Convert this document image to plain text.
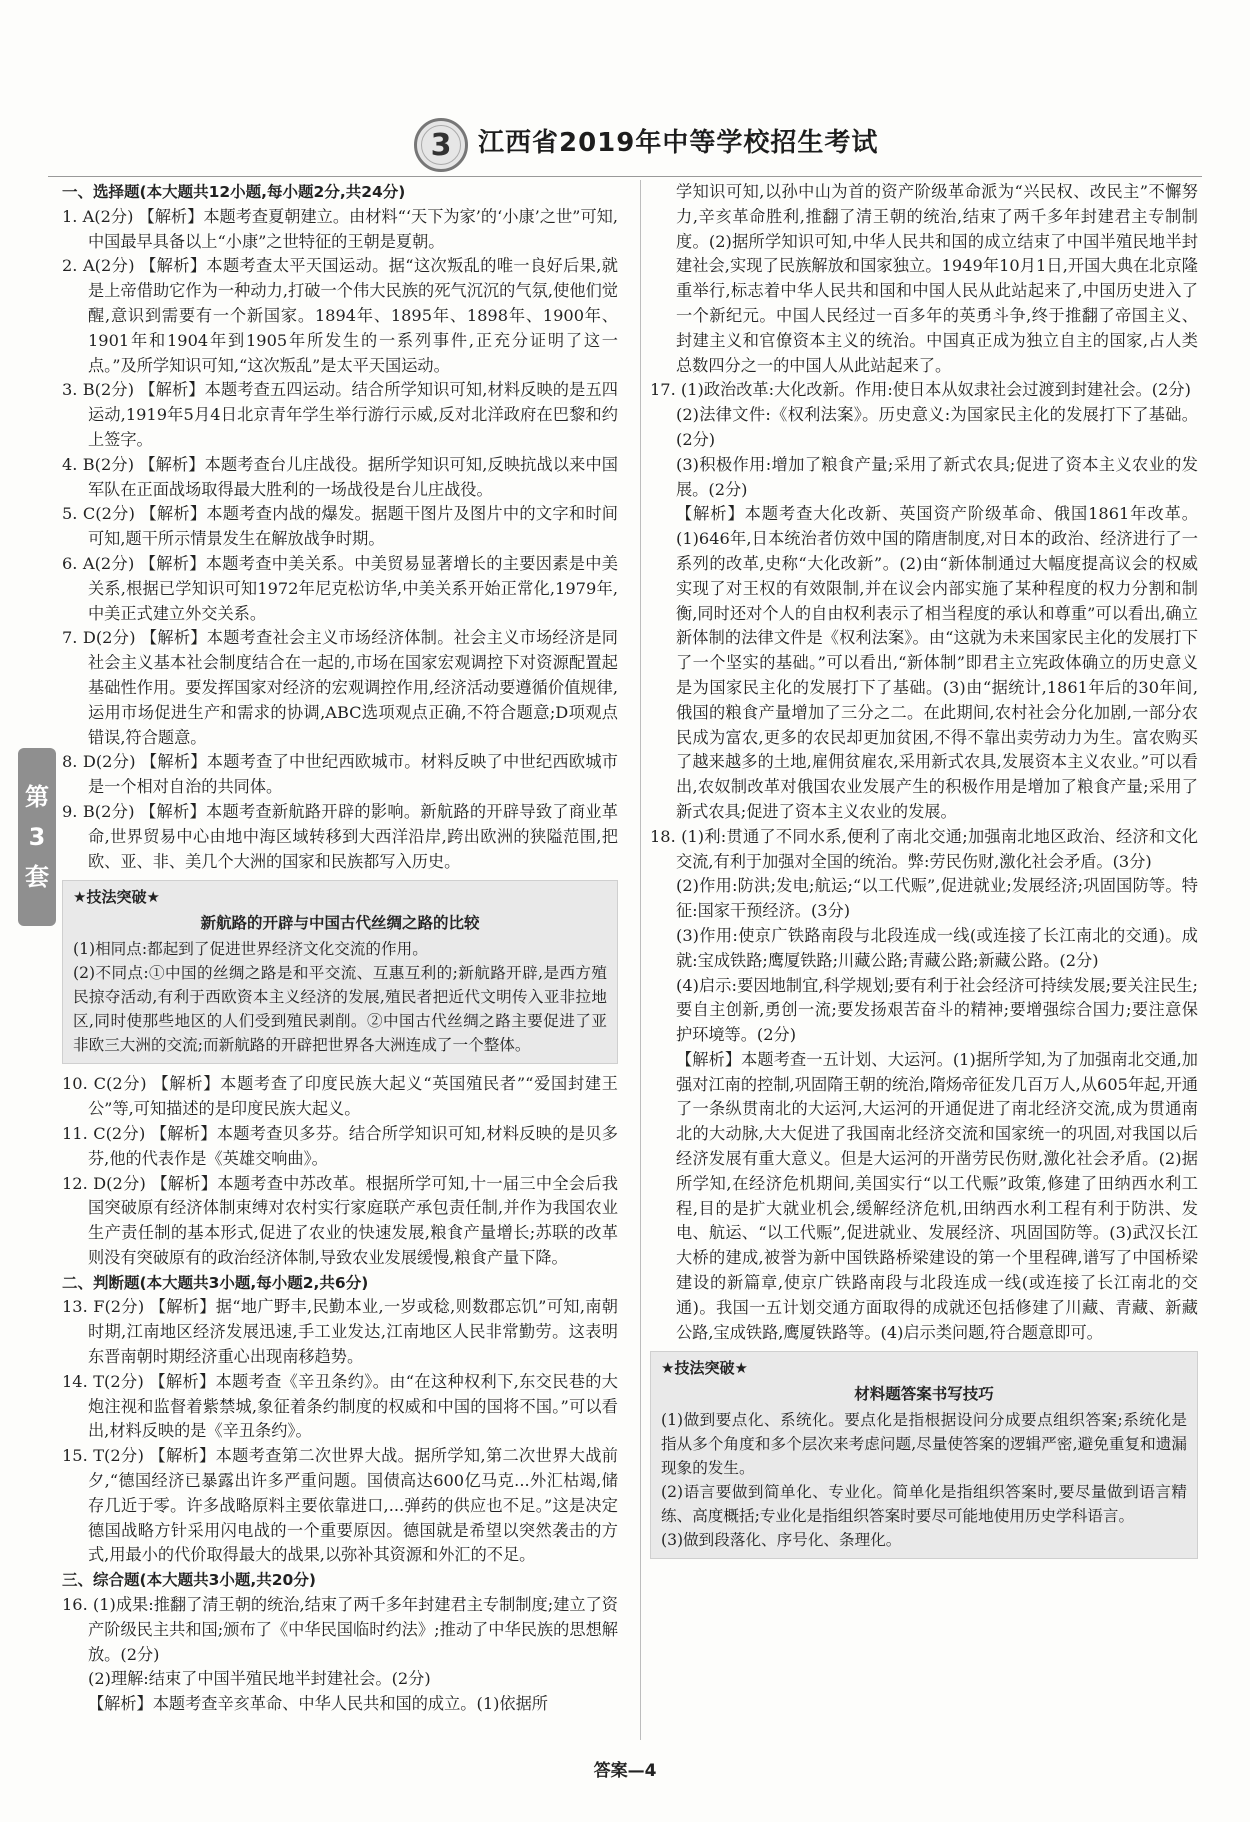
3	江西省2019年中等学校招生考试

一、选择题(本大题共12小题,每小题2分,共24分)

1. A(2分) 【解析】本题考查夏朝建立。由材料“‘天下为家’的‘小康’之世”可知,中国最早具备以上“小康”之世特征的王朝是夏朝。

2. A(2分) 【解析】本题考查太平天国运动。据“这次叛乱的唯一良好后果,就是上帝借助它作为一种动力,打破一个伟大民族的死气沉沉的气氛,使他们觉醒,意识到需要有一个新国家。1894年、1895年、1898年、1900年、1901年和1904年到1905年所发生的一系列事件,正充分证明了这一点。”及所学知识可知,“这次叛乱”是太平天国运动。

3. B(2分) 【解析】本题考查五四运动。结合所学知识可知,材料反映的是五四运动,1919年5月4日北京青年学生举行游行示威,反对北洋政府在巴黎和约上签字。

4. B(2分) 【解析】本题考查台儿庄战役。据所学知识可知,反映抗战以来中国军队在正面战场取得最大胜利的一场战役是台儿庄战役。

5. C(2分) 【解析】本题考查内战的爆发。据题干图片及图片中的文字和时间可知,题干所示情景发生在解放战争时期。

6. A(2分) 【解析】本题考查中美关系。中美贸易显著增长的主要因素是中美关系,根据已学知识可知1972年尼克松访华,中美关系开始正常化,1979年,中美正式建立外交关系。

7. D(2分) 【解析】本题考查社会主义市场经济体制。社会主义市场经济是同社会主义基本社会制度结合在一起的,市场在国家宏观调控下对资源配置起基础性作用。要发挥国家对经济的宏观调控作用,经济活动要遵循价值规律,运用市场促进生产和需求的协调,ABC选项观点正确,不符合题意;D项观点错误,符合题意。

8. D(2分) 【解析】本题考查了中世纪西欧城市。材料反映了中世纪西欧城市是一个相对自治的共同体。

9. B(2分) 【解析】本题考查新航路开辟的影响。新航路的开辟导致了商业革命,世界贸易中心由地中海区域转移到大西洋沿岸,跨出欧洲的狭隘范围,把欧、亚、非、美几个大洲的国家和民族都写入历史。

★技法突破★
新航路的开辟与中国古代丝绸之路的比较

(1)相同点:都起到了促进世界经济文化交流的作用。

(2)不同点:①中国的丝绸之路是和平交流、互惠互利的;新航路开辟,是西方殖民掠夺活动,有利于西欧资本主义经济的发展,殖民者把近代文明传入亚非拉地区,同时使那些地区的人们受到殖民剥削。②中国古代丝绸之路主要促进了亚非欧三大洲的交流;而新航路的开辟把世界各大洲连成了一个整体。

10. C(2分) 【解析】本题考查了印度民族大起义“英国殖民者”“爱国封建王公”等,可知描述的是印度民族大起义。

11. C(2分) 【解析】本题考查贝多芬。结合所学知识可知,材料反映的是贝多芬,他的代表作是《英雄交响曲》。

12. D(2分) 【解析】本题考查中苏改革。根据所学可知,十一届三中全会后我国突破原有经济体制束缚对农村实行家庭联产承包责任制,并作为我国农业生产责任制的基本形式,促进了农业的快速发展,粮食产量增长;苏联的改革则没有突破原有的政治经济体制,导致农业发展缓慢,粮食产量下降。

二、判断题(本大题共3小题,每小题2,共6分)

13. F(2分) 【解析】据“地广野丰,民勤本业,一岁或稔,则数郡忘饥”可知,南朝时期,江南地区经济发展迅速,手工业发达,江南地区人民非常勤劳。这表明东晋南朝时期经济重心出现南移趋势。

14. T(2分) 【解析】本题考查《辛丑条约》。由“在这种权利下,东交民巷的大炮注视和监督着紫禁城,象征着条约制度的权威和中国的国将不国。”可以看出,材料反映的是《辛丑条约》。

15. T(2分) 【解析】本题考查第二次世界大战。据所学知,第二次世界大战前夕,“德国经济已暴露出许多严重问题。国债高达600亿马克...外汇枯竭,储存几近于零。许多战略原料主要依靠进口,...弹药的供应也不足。”这是决定德国战略方针采用闪电战的一个重要原因。德国就是希望以突然袭击的方式,用最小的代价取得最大的战果,以弥补其资源和外汇的不足。

三、综合题(本大题共3小题,共20分)

16. (1)成果:推翻了清王朝的统治,结束了两千多年封建君主专制制度;建立了资产阶级民主共和国;颁布了《中华民国临时约法》;推动了中华民族的思想解放。(2分)

(2)理解:结束了中国半殖民地半封建社会。(2分)

【解析】本题考查辛亥革命、中华人民共和国的成立。(1)依据所

第
3
套

学知识可知,以孙中山为首的资产阶级革命派为“兴民权、改民主”不懈努力,辛亥革命胜利,推翻了清王朝的统治,结束了两千多年封建君主专制制度。(2)据所学知识可知,中华人民共和国的成立结束了中国半殖民地半封建社会,实现了民族解放和国家独立。1949年10月1日,开国大典在北京隆重举行,标志着中华人民共和国和中国人民从此站起来了,中国历史进入了一个新纪元。中国人民经过一百多年的英勇斗争,终于推翻了帝国主义、封建主义和官僚资本主义的统治。中国真正成为独立自主的国家,占人类总数四分之一的中国人从此站起来了。

17. (1)政治改革:大化改新。作用:使日本从奴隶社会过渡到封建社会。(2分)

(2)法律文件:《权利法案》。历史意义:为国家民主化的发展打下了基础。(2分)

(3)积极作用:增加了粮食产量;采用了新式农具;促进了资本主义农业的发展。(2分)

【解析】本题考查大化改新、英国资产阶级革命、俄国1861年改革。(1)646年,日本统治者仿效中国的隋唐制度,对日本的政治、经济进行了一系列的改革,史称“大化改新”。(2)由“新体制通过大幅度提高议会的权威实现了对王权的有效限制,并在议会内部实施了某种程度的权力分割和制衡,同时还对个人的自由权利表示了相当程度的承认和尊重”可以看出,确立新体制的法律文件是《权利法案》。由“这就为未来国家民主化的发展打下了一个坚实的基础。”可以看出,“新体制”即君主立宪政体确立的历史意义是为国家民主化的发展打下了基础。(3)由“据统计,1861年后的30年间,俄国的粮食产量增加了三分之二。在此期间,农村社会分化加剧,一部分农民成为富农,更多的农民却更加贫困,不得不靠出卖劳动力为生。富农购买了越来越多的土地,雇佣贫雇农,采用新式农具,发展资本主义农业。”可以看出,农奴制改革对俄国农业发展产生的积极作用是增加了粮食产量;采用了新式农具;促进了资本主义农业的发展。

18. (1)利:贯通了不同水系,便利了南北交通;加强南北地区政治、经济和文化交流,有利于加强对全国的统治。弊:劳民伤财,激化社会矛盾。(3分)

(2)作用:防洪;发电;航运;“以工代赈”,促进就业;发展经济;巩固国防等。特征:国家干预经济。(3分)

(3)作用:使京广铁路南段与北段连成一线(或连接了长江南北的交通)。成就:宝成铁路;鹰厦铁路;川藏公路;青藏公路;新藏公路。(2分)

(4)启示:要因地制宜,科学规划;要有利于社会经济可持续发展;要关注民生;要自主创新,勇创一流;要发扬艰苦奋斗的精神;要增强综合国力;要注意保护环境等。(2分)

【解析】本题考查一五计划、大运河。(1)据所学知,为了加强南北交通,加强对江南的控制,巩固隋王朝的统治,隋炀帝征发几百万人,从605年起,开通了一条纵贯南北的大运河,大运河的开通促进了南北经济交流,成为贯通南北的大动脉,大大促进了我国南北经济交流和国家统一的巩固,对我国以后经济发展有重大意义。但是大运河的开凿劳民伤财,激化社会矛盾。(2)据所学知,在经济危机期间,美国实行“以工代赈”政策,修建了田纳西水利工程,目的是扩大就业机会,缓解经济危机,田纳西水利工程有利于防洪、发电、航运、“以工代赈”,促进就业、发展经济、巩固国防等。(3)武汉长江大桥的建成,被誉为新中国铁路桥梁建设的第一个里程碑,谱写了中国桥梁建设的新篇章,使京广铁路南段与北段连成一线(或连接了长江南北的交通)。我国一五计划交通方面取得的成就还包括修建了川藏、青藏、新藏公路,宝成铁路,鹰厦铁路等。(4)启示类问题,符合题意即可。

★技法突破★
材料题答案书写技巧

(1)做到要点化、系统化。要点化是指根据设问分成要点组织答案;系统化是指从多个角度和多个层次来考虑问题,尽量使答案的逻辑严密,避免重复和遗漏现象的发生。

(2)语言要做到简单化、专业化。简单化是指组织答案时,要尽量做到语言精练、高度概括;专业化是指组织答案时要尽可能地使用历史学科语言。

(3)做到段落化、序号化、条理化。

答案—4
